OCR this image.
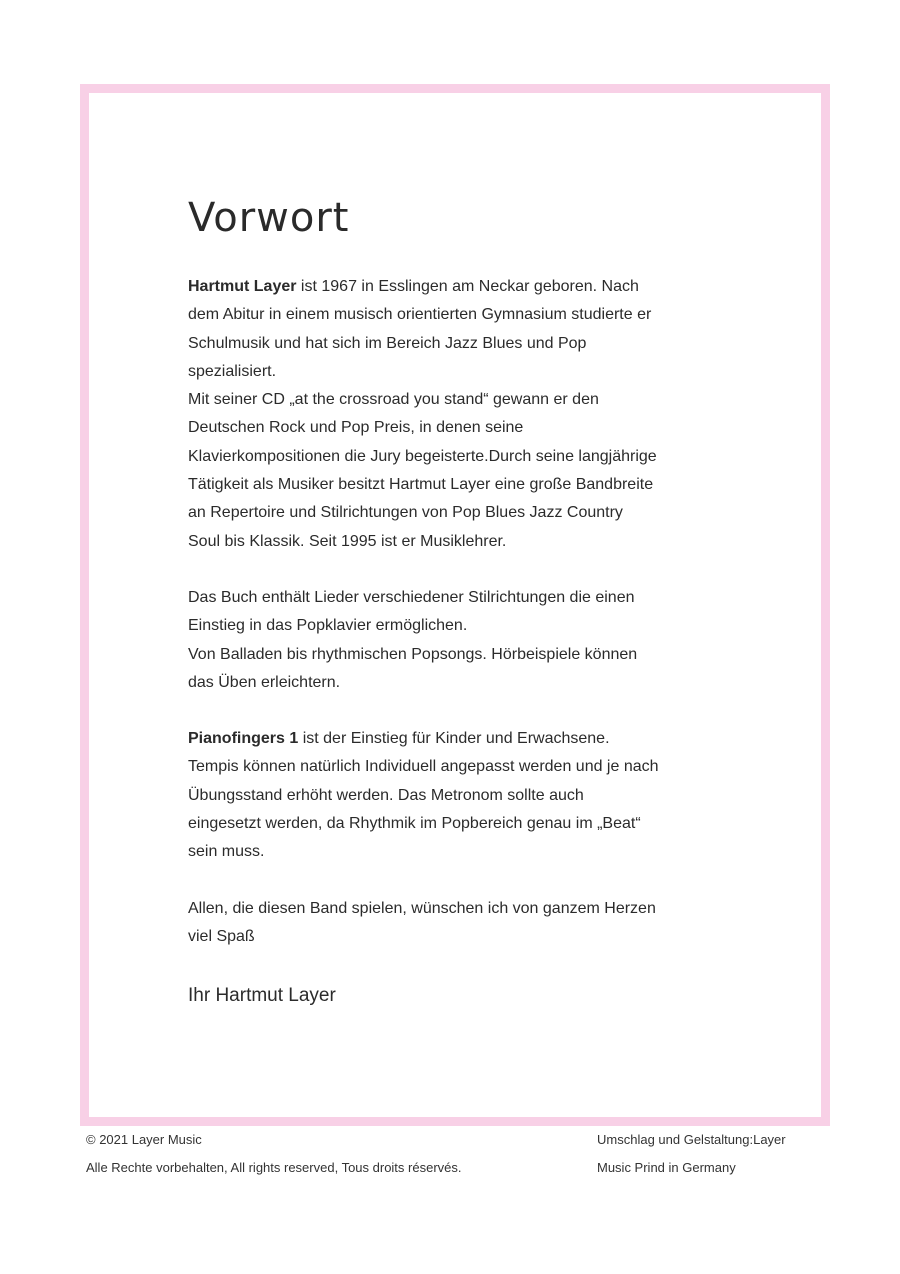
Vorwort

Hartmut Layer ist 1967 in Esslingen am Neckar geboren. Nach
dem Abitur in einem musisch orientierten Gymnasium studierte er
Schulmusik und hat sich im Bereich Jazz Blues und Pop
spezialisiert.
Mit seiner CD „at the crossroad you stand“ gewann er den
Deutschen Rock und Pop Preis, in denen seine
Klavierkompositionen die Jury begeisterte.Durch seine langjährige
Tätigkeit als Musiker besitzt Hartmut Layer eine große Bandbreite
an Repertoire und Stilrichtungen von Pop Blues Jazz Country
Soul bis Klassik. Seit 1995 ist er Musiklehrer.

Das Buch enthält Lieder verschiedener Stilrichtungen die einen
Einstieg in das Popklavier ermöglichen.
Von Balladen bis rhythmischen Popsongs. Hörbeispiele können
das Üben erleichtern.

Pianofingers 1 ist der Einstieg für Kinder und Erwachsene.
Tempis können natürlich Individuell angepasst werden und je nach
Übungsstand erhöht werden. Das Metronom sollte auch
eingesetzt werden, da Rhythmik im Popbereich genau im „Beat“
sein muss.

Allen, die diesen Band spielen, wünschen ich von ganzem Herzen
viel Spaß

Ihr Hartmut Layer
© 2021 Layer Music
Alle Rechte vorbehalten, All rights reserved, Tous droits réservés.
Umschlag und Gelstaltung:Layer
Music Prind in Germany
